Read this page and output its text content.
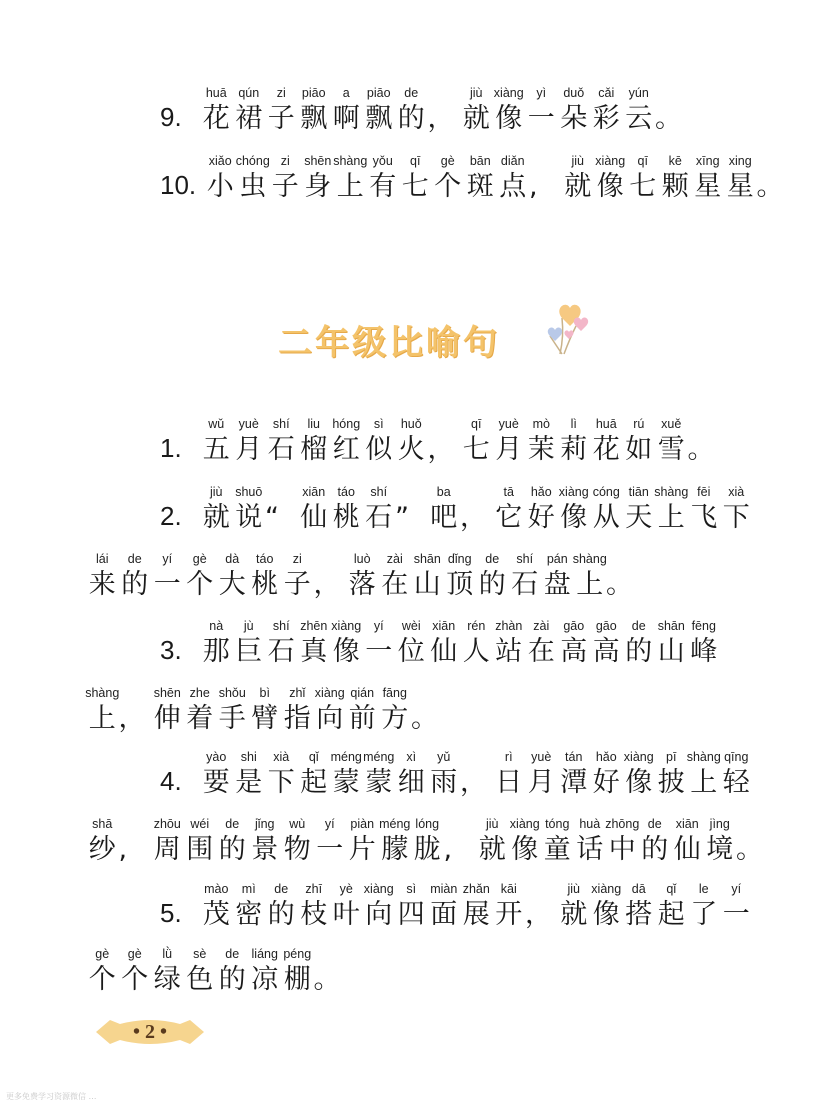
9.
huā
花
qún
裙
zi
子
piāo
飘
a
啊
piāo
飘
de
的 ，
jiù
就
xiàng
像
yì
一
duǒ
朵
cǎi
彩
yún
云 。
10.
xiǎo
小
chóng
虫
zi
子
shēn
身
shàng
上
yǒu
有
qī
七
gè
个
bān
斑
diǎn
点 ,
jiù
就
xiàng
像
qī
七
kē
颗
xīng
星
xing
星 。
二年级比喻句
1.
wǔ
五
yuè
月
shí
石
liu
榴
hóng
红
sì
似
huǒ
火 ，
qī
七
yuè
月
mò
茉
lì
莉
huā
花
rú
如
xuě
雪 。
2.
jiù
就
shuō
说 “
xiān
仙
táo
桃
shí
石 ”
ba
吧 ，
tā
它
hǎo
好
xiàng
像
cóng
从
tiān
天
shàng
上
fēi
飞
xià
下
lái
来
de
的
yí
一
gè
个
dà
大
táo
桃
zi
子 ，
luò
落
zài
在
shān
山
dǐng
顶
de
的
shí
石
pán
盘
shàng
上 。
3.
nà
那
jù
巨
shí
石
zhēn
真
xiàng
像
yí
一
wèi
位
xiān
仙
rén
人
zhàn
站
zài
在
gāo
高
gāo
高
de
的
shān
山
fēng
峰
shàng
上 ，
shēn
伸
zhe
着
shǒu
手
bì
臂
zhǐ
指
xiàng
向
qián
前
fāng
方 。
4.
yào
要
shi
是
xià
下
qǐ
起
méng
蒙
méng
蒙
xì
细
yǔ
雨 ，
rì
日
yuè
月
tán
潭
hǎo
好
xiàng
像
pī
披
shàng
上
qīng
轻
shā
纱 ,
zhōu
周
wéi
围
de
的
jǐng
景
wù
物
yí
一
piàn
片
méng
朦
lóng
胧 ,
jiù
就
xiàng
像
tóng
童
huà
话
zhōng
中
de
的
xiān
仙
jìng
境 。
5.
mào
茂
mì
密
de
的
zhī
枝
yè
叶
xiàng
向
sì
四
miàn
面
zhǎn
展
kāi
开 ，
jiù
就
xiàng
像
dā
搭
qǐ
起
le
了
yí
一
gè
个
gè
个
lǜ
绿
sè
色
de
的
liáng
凉
péng
棚 。
• 2 •
更多免费学习资源微信 …
